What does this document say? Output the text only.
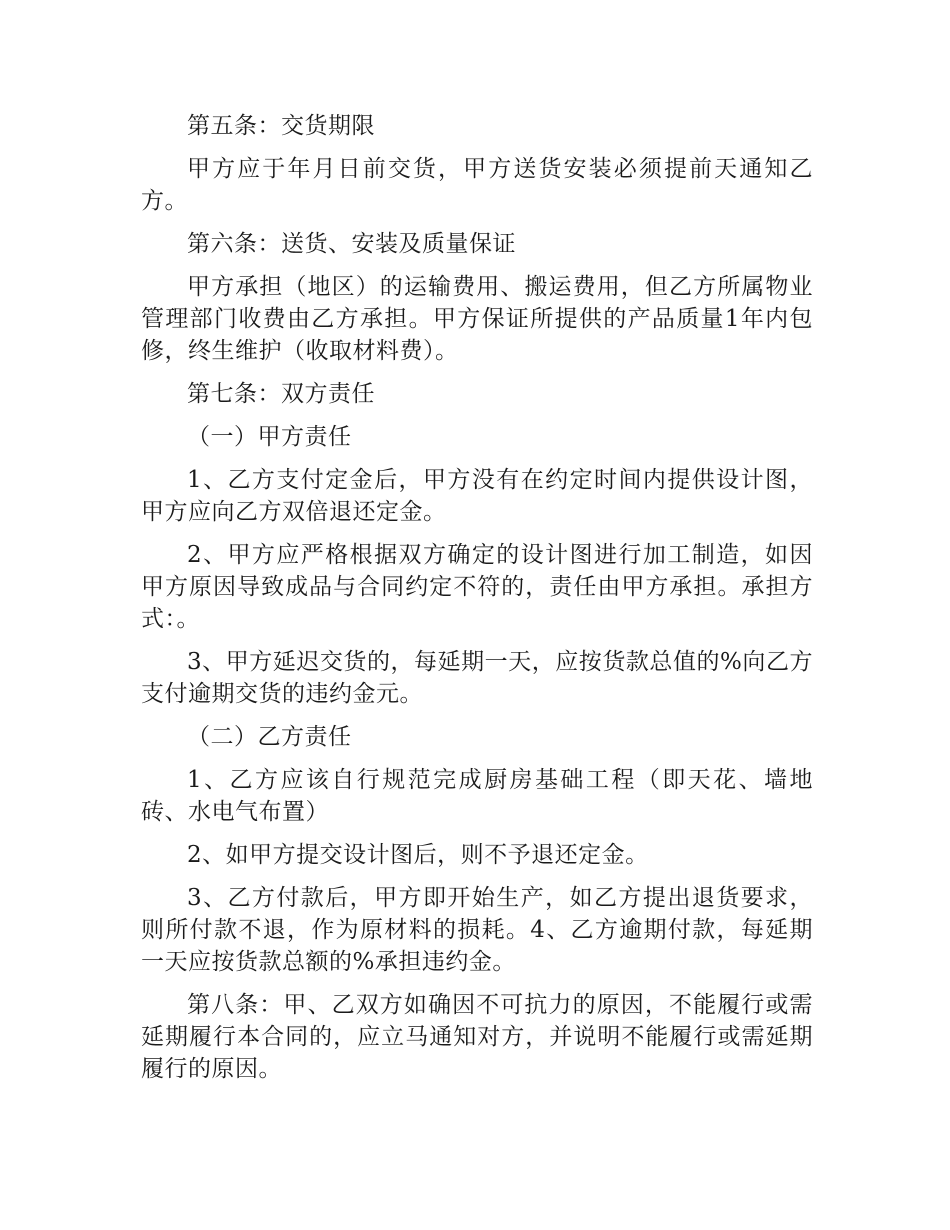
第五条：交货期限

甲方应于年月日前交货，甲方送货安装必须提前天通知乙方。

第六条：送货、安装及质量保证

甲方承担（地区）的运输费用、搬运费用，但乙方所属物业管理部门收费由乙方承担。甲方保证所提供的产品质量1年内包修，终生维护（收取材料费）。

第七条：双方责任

（一）甲方责任

1、乙方支付定金后，甲方没有在约定时间内提供设计图，甲方应向乙方双倍退还定金。

2、甲方应严格根据双方确定的设计图进行加工制造，如因甲方原因导致成品与合同约定不符的，责任由甲方承担。承担方式：。

3、甲方延迟交货的，每延期一天，应按货款总值的%向乙方支付逾期交货的违约金元。

（二）乙方责任

1、乙方应该自行规范完成厨房基础工程（即天花、墙地砖、水电气布置）

2、如甲方提交设计图后，则不予退还定金。

3、乙方付款后，甲方即开始生产，如乙方提出退货要求，则所付款不退，作为原材料的损耗。4、乙方逾期付款，每延期一天应按货款总额的%承担违约金。

第八条：甲、乙双方如确因不可抗力的原因，不能履行或需延期履行本合同的，应立马通知对方，并说明不能履行或需延期履行的原因。
